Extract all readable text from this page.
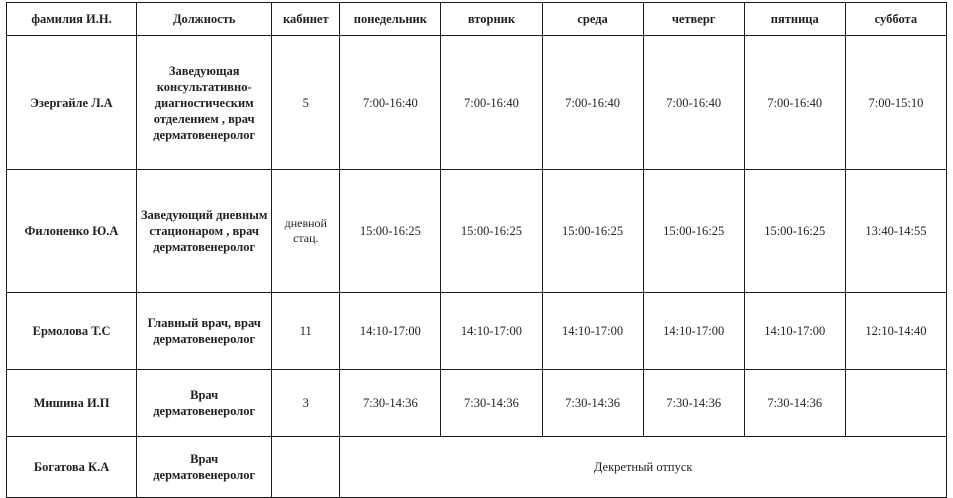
фамилия И.Н.	Должность	кабинет	понедельник	вторник	среда	четверг	пятница	суббота
Эзергайле Л.А	Заведующая консультативно-диагностическим отделением , врач дерматовенеролог	5	7:00-16:40	7:00-16:40	7:00-16:40	7:00-16:40	7:00-16:40	7:00-15:10
Филоненко Ю.А	Заведующий дневным стационаром , врач дерматовенеролог	дневной стац.	15:00-16:25	15:00-16:25	15:00-16:25	15:00-16:25	15:00-16:25	13:40-14:55
Ермолова Т.С	Главный врач, врач дерматовенеролог	11	14:10-17:00	14:10-17:00	14:10-17:00	14:10-17:00	14:10-17:00	12:10-14:40
Мишина И.П	Врач дерматовенеролог	3	7:30-14:36	7:30-14:36	7:30-14:36	7:30-14:36	7:30-14:36	
Богатова К.А	Врач дерматовенеролог		Декретный отпуск					
